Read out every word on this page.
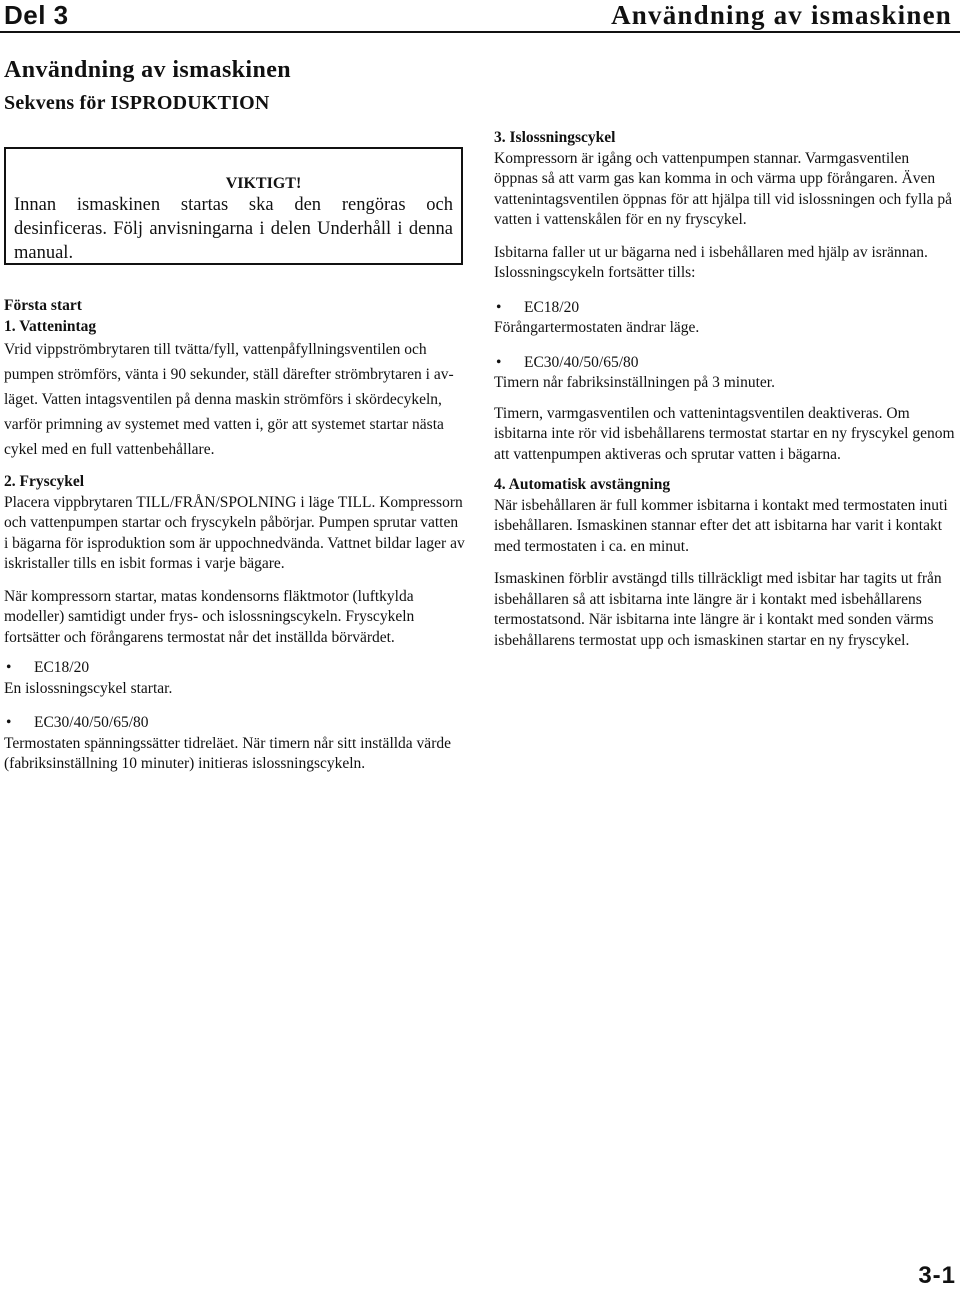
Del 3	Användning av ismaskinen
Användning av ismaskinen
Sekvens för ISPRODUKTION
VIKTIGT!
Innan ismaskinen startas ska den rengöras och desinficeras. Följ anvisningarna i delen Underhåll i denna manual.

Första start

1. Vattenintag

Vrid vippströmbrytaren till tvätta/fyll, vattenpåfyllningsventilen och pumpen strömförs, vänta i 90 sekunder, ställ därefter strömbrytaren i av-läget. Vatten intagsventilen på denna maskin strömförs i skördecykeln, varför primning av systemet med vatten i, gör att systemet startar nästa cykel med en full vattenbehållare.

2. Fryscykel

Placera vippbrytaren TILL/FRÅN/SPOLNING i läge TILL. Kompressorn och vattenpumpen startar och fryscykeln påbörjar. Pumpen sprutar vatten i bägarna för isproduktion som är uppochnedvända. Vattnet bildar lager av iskristaller tills en isbit formas i varje bägare.

När kompressorn startar, matas kondensorns fläktmotor (luftkylda modeller) samtidigt under frys- och islossningscykeln. Fryscykeln fortsätter och förångarens termostat når det inställda börvärdet.

• EC18/20

En islossningscykel startar.

• EC30/40/50/65/80

Termostaten spänningssätter tidreläet. När timern når sitt inställda värde (fabriksinställning 10 minuter) initieras islossningscykeln.

3. Islossningscykel

Kompressorn är igång och vattenpumpen stannar. Varmgasventilen öppnas så att varm gas kan komma in och värma upp förångaren. Även vattenintagsventilen öppnas för att hjälpa till vid islossningen och fylla på vatten i vattenskålen för en ny fryscykel.

Isbitarna faller ut ur bägarna ned i isbehållaren med hjälp av isrännan. Islossningscykeln fortsätter tills:

• EC18/20

Förångartermostaten ändrar läge.

• EC30/40/50/65/80

Timern når fabriksinställningen på 3 minuter.

Timern, varmgasventilen och vattenintagsventilen deaktiveras. Om isbitarna inte rör vid isbehållarens termostat startar en ny fryscykel genom att vattenpumpen aktiveras och sprutar vatten i bägarna.

4. Automatisk avstängning

När isbehållaren är full kommer isbitarna i kontakt med termostaten inuti isbehållaren. Ismaskinen stannar efter det att isbitarna har varit i kontakt med termostaten i ca. en minut.

Ismaskinen förblir avstängd tills tillräckligt med isbitar har tagits ut från isbehållaren så att isbitarna inte längre är i kontakt med isbehållarens termostatsond. När isbitarna inte längre är i kontakt med sonden värms isbehållarens termostat upp och ismaskinen startar en ny fryscykel.

3-1
